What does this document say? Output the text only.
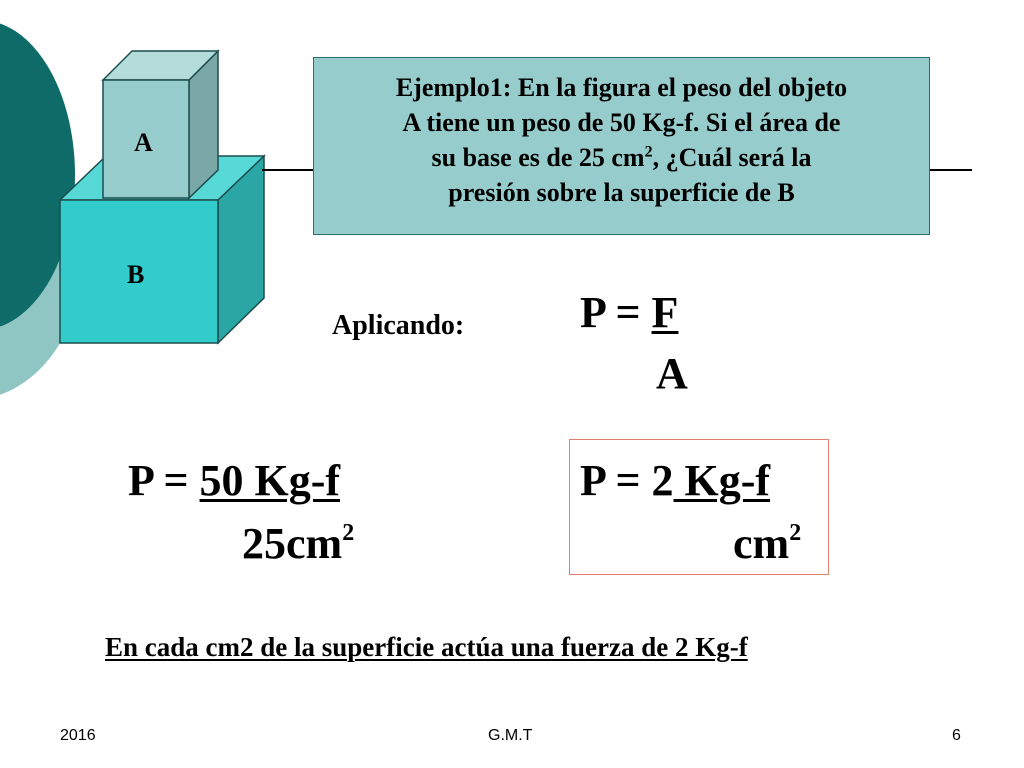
A
B

Ejemplo1: En la figura el peso del objeto

A tiene un peso de 50 Kg-f. Si el área de

su base es de 25 $cm^2$, ¿Cuál será la

presión sobre la superficie de B

Aplicando:	P = F
A
P = 50 Kg-f
$25cm^2$
P = 2 Kg-f
$cm^2$
En cada cm2 de la superficie actúa una fuerza de 2 Kg-f
2016	G.M.T	6
